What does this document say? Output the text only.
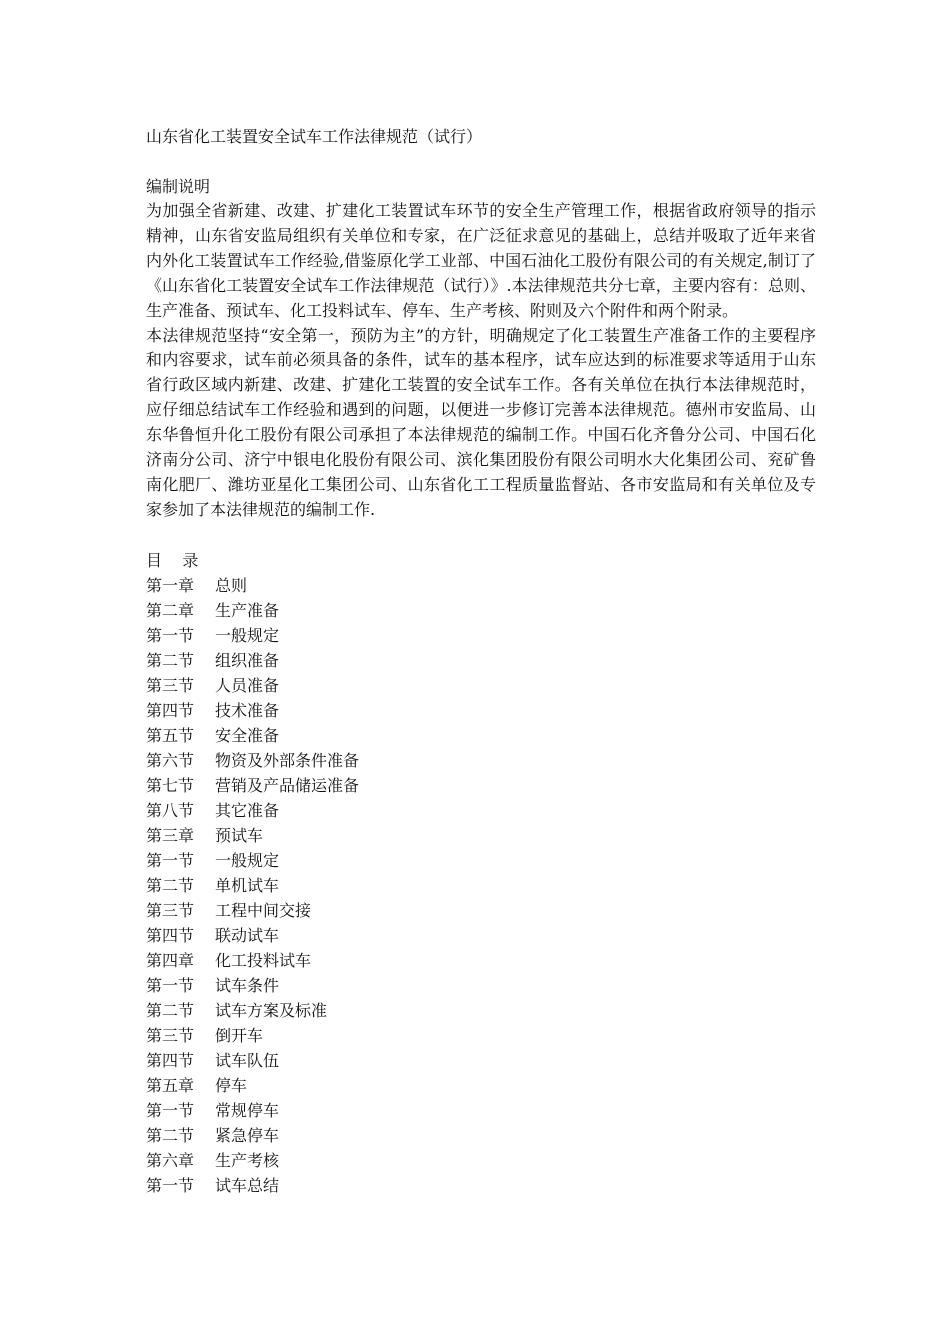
山东省化工装置安全试车工作法律规范（试行）

编制说明

为加强全省新建、改建、扩建化工装置试车环节的安全生产管理工作，根据省政府领导的指示精神，山东省安监局组织有关单位和专家，在广泛征求意见的基础上，总结并吸取了近年来省内外化工装置试车工作经验,借鉴原化学工业部、中国石油化工股份有限公司的有关规定,制订了《山东省化工装置安全试车工作法律规范（试行）》.本法律规范共分七章，主要内容有：总则、生产准备、预试车、化工投料试车、停车、生产考核、附则及六个附件和两个附录。

本法律规范坚持“安全第一，预防为主”的方针，明确规定了化工装置生产准备工作的主要程序和内容要求，试车前必须具备的条件，试车的基本程序，试车应达到的标准要求等适用于山东省行政区域内新建、改建、扩建化工装置的安全试车工作。各有关单位在执行本法律规范时，应仔细总结试车工作经验和遇到的问题，以便进一步修订完善本法律规范。德州市安监局、山东华鲁恒升化工股份有限公司承担了本法律规范的编制工作。中国石化齐鲁分公司、中国石化济南分公司、济宁中银电化股份有限公司、滨化集团股份有限公司明水大化集团公司、兖矿鲁南化肥厂、潍坊亚星化工集团公司、山东省化工工程质量监督站、各市安监局和有关单位及专家参加了本法律规范的编制工作.

目    录
第一章 总则
第二章 生产准备
第一节 一般规定
第二节 组织准备
第三节 人员准备
第四节 技术准备
第五节 安全准备
第六节 物资及外部条件准备
第七节 营销及产品储运准备
第八节 其它准备
第三章 预试车
第一节 一般规定
第二节 单机试车
第三节 工程中间交接
第四节 联动试车
第四章 化工投料试车
第一节 试车条件
第二节 试车方案及标准
第三节 倒开车
第四节 试车队伍
第五章 停车
第一节 常规停车
第二节 紧急停车
第六章 生产考核
第一节 试车总结
